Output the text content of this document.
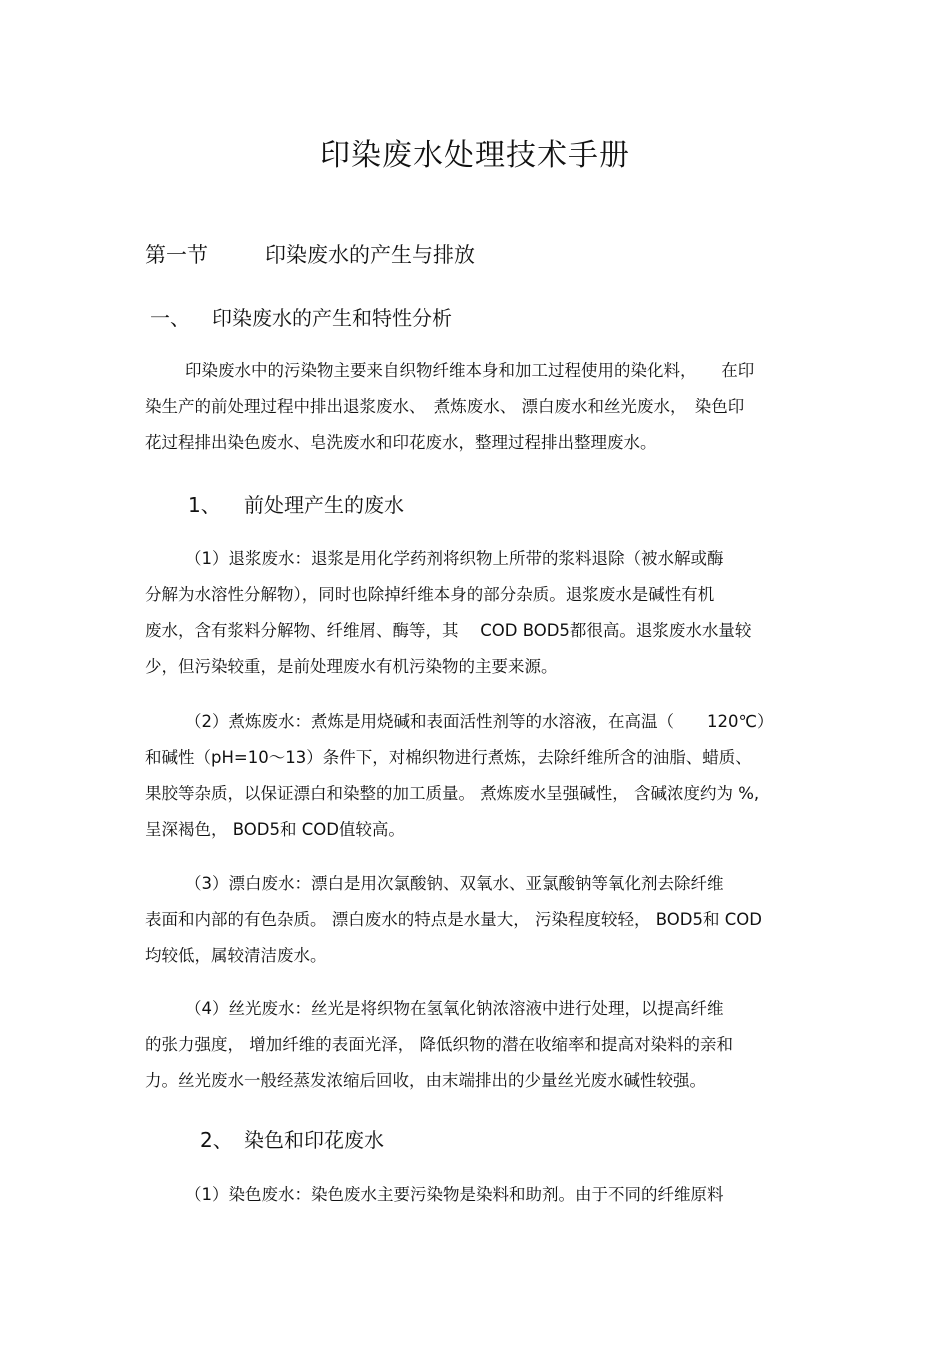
印染废水处理技术手册
第一节	印染废水的产生与排放
一、 印染废水的产生和特性分析
印染废水中的污染物主要来自织物纤维本身和加工过程使用的染化料，　　在印
染生产的前处理过程中排出退浆废水、　煮炼废水、 漂白废水和丝光废水，　染色印
花过程排出染色废水、皂洗废水和印花废水，整理过程排出整理废水。
1、 前处理产生的废水
（1）退浆废水：退浆是用化学药剂将织物上所带的浆料退除（被水解或酶
分解为水溶性分解物），同时也除掉纤维本身的部分杂质。退浆废水是碱性有机
废水，含有浆料分解物、纤维屑、酶等，其　 COD BOD5都很高。退浆废水水量较
少，但污染较重，是前处理废水有机污染物的主要来源。
（2）煮炼废水：煮炼是用烧碱和表面活性剂等的水溶液，在高温（　　120℃）
和碱性（pH=10～13）条件下，对棉织物进行煮炼，去除纤维所含的油脂、蜡质、
果胶等杂质，以保证漂白和染整的加工质量。 煮炼废水呈强碱性， 含碱浓度约为 %,
呈深褐色， BOD5和 COD值较高。
（3）漂白废水：漂白是用次氯酸钠、双氧水、亚氯酸钠等氧化剂去除纤维
表面和内部的有色杂质。 漂白废水的特点是水量大， 污染程度较轻， BOD5和 COD
均较低，属较清洁废水。
（4）丝光废水：丝光是将织物在氢氧化钠浓溶液中进行处理，以提高纤维
的张力强度， 增加纤维的表面光泽， 降低织物的潜在收缩率和提高对染料的亲和
力。丝光废水一般经蒸发浓缩后回收，由末端排出的少量丝光废水碱性较强。
2、 染色和印花废水
（1）染色废水：染色废水主要污染物是染料和助剂。由于不同的纤维原料
